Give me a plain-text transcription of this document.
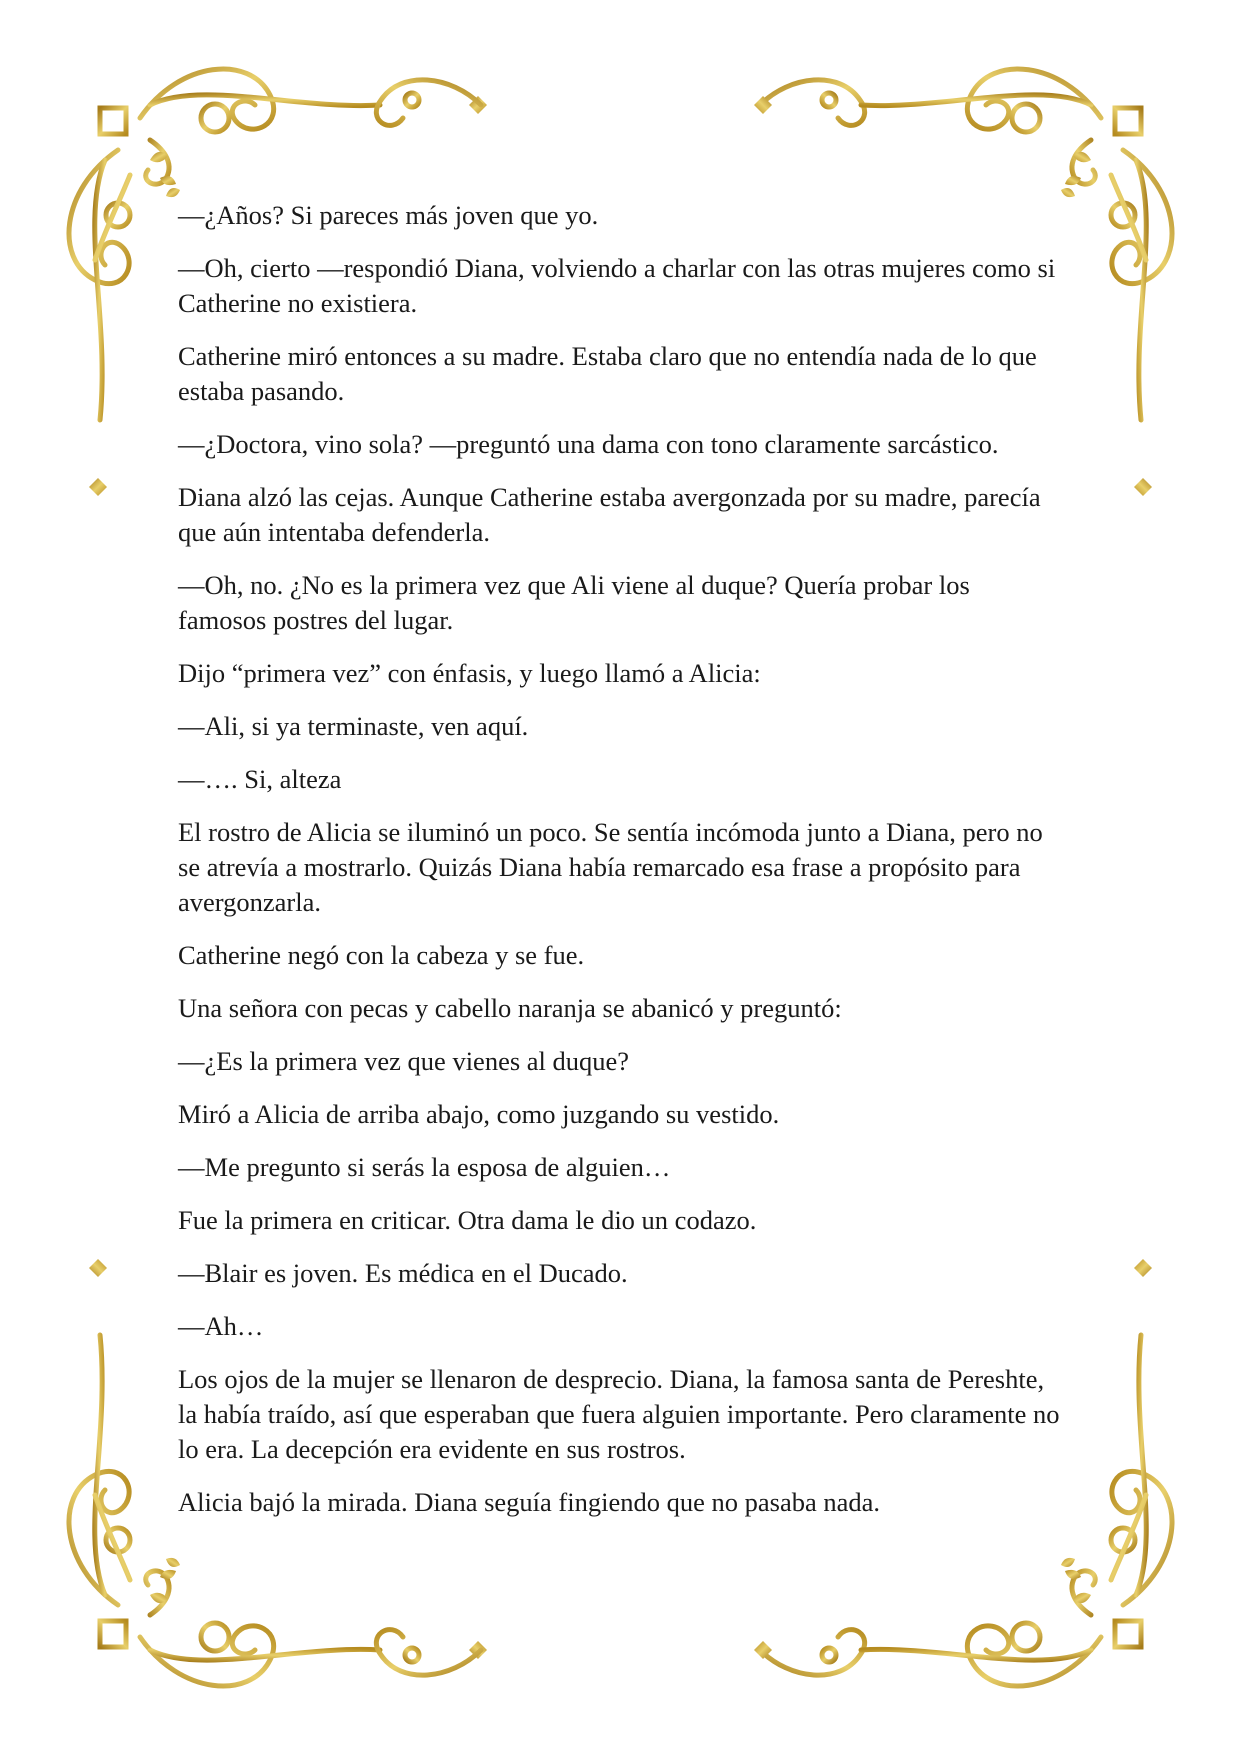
—¿Años? Si pareces más joven que yo.

—Oh, cierto —respondió Diana, volviendo a charlar con las otras mujeres como si Catherine no existiera.

Catherine miró entonces a su madre. Estaba claro que no entendía nada de lo que estaba pasando.

—¿Doctora, vino sola? —preguntó una dama con tono claramente sarcástico.

Diana alzó las cejas. Aunque Catherine estaba avergonzada por su madre, parecía que aún intentaba defenderla.

—Oh, no. ¿No es la primera vez que Ali viene al duque? Quería probar los famosos postres del lugar.

Dijo “primera vez” con énfasis, y luego llamó a Alicia:

—Ali, si ya terminaste, ven aquí.

—…. Si, alteza

El rostro de Alicia se iluminó un poco. Se sentía incómoda junto a Diana, pero no se atrevía a mostrarlo. Quizás Diana había remarcado esa frase a propósito para avergonzarla.

Catherine negó con la cabeza y se fue.

Una señora con pecas y cabello naranja se abanicó y preguntó:

—¿Es la primera vez que vienes al duque?

Miró a Alicia de arriba abajo, como juzgando su vestido.

—Me pregunto si serás la esposa de alguien…

Fue la primera en criticar. Otra dama le dio un codazo.

—Blair es joven. Es médica en el Ducado.

—Ah…

Los ojos de la mujer se llenaron de desprecio. Diana, la famosa santa de Pereshte, la había traído, así que esperaban que fuera alguien importante. Pero claramente no lo era. La decepción era evidente en sus rostros.

Alicia bajó la mirada. Diana seguía fingiendo que no pasaba nada.
